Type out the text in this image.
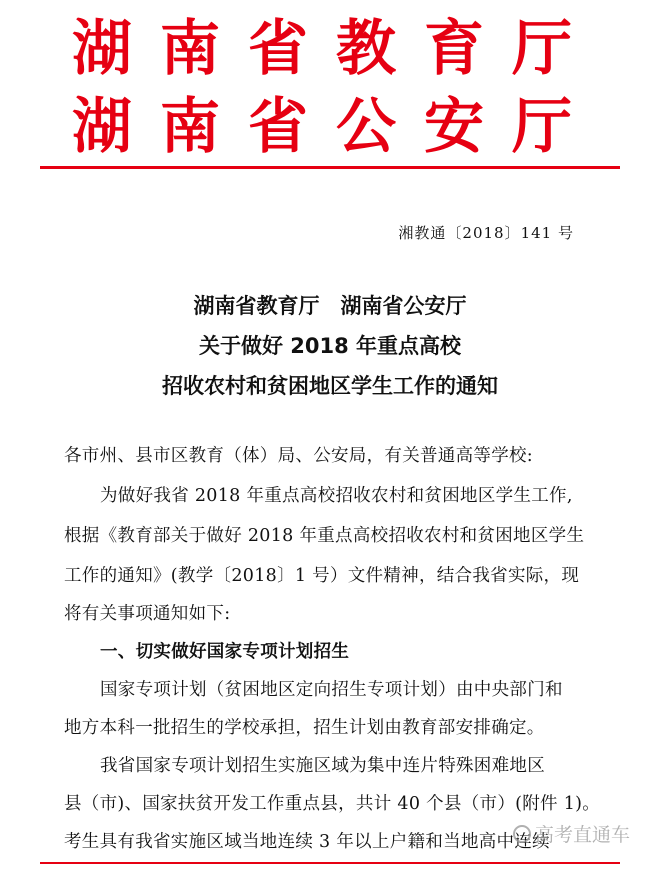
湖南省教育厅
湖南省公安厅
湘教通〔2018〕141 号
湖南省教育厅　湖南省公安厅
关于做好 2018 年重点高校
招收农村和贫困地区学生工作的通知
各市州、县市区教育（体）局、公安局，有关普通高等学校:
为做好我省 2018 年重点高校招收农村和贫困地区学生工作,
根据《教育部关于做好 2018 年重点高校招收农村和贫困地区学生
工作的通知》(教学〔2018〕1 号）文件精神，结合我省实际，现
将有关事项通知如下:
一、切实做好国家专项计划招生
国家专项计划（贫困地区定向招生专项计划）由中央部门和
地方本科一批招生的学校承担，招生计划由教育部安排确定。
我省国家专项计划招生实施区域为集中连片特殊困难地区
县（市)、国家扶贫开发工作重点县，共计 40 个县（市）(附件 1)。
考生具有我省实施区域当地连续 3 年以上户籍和当地高中连续
高考直通车
